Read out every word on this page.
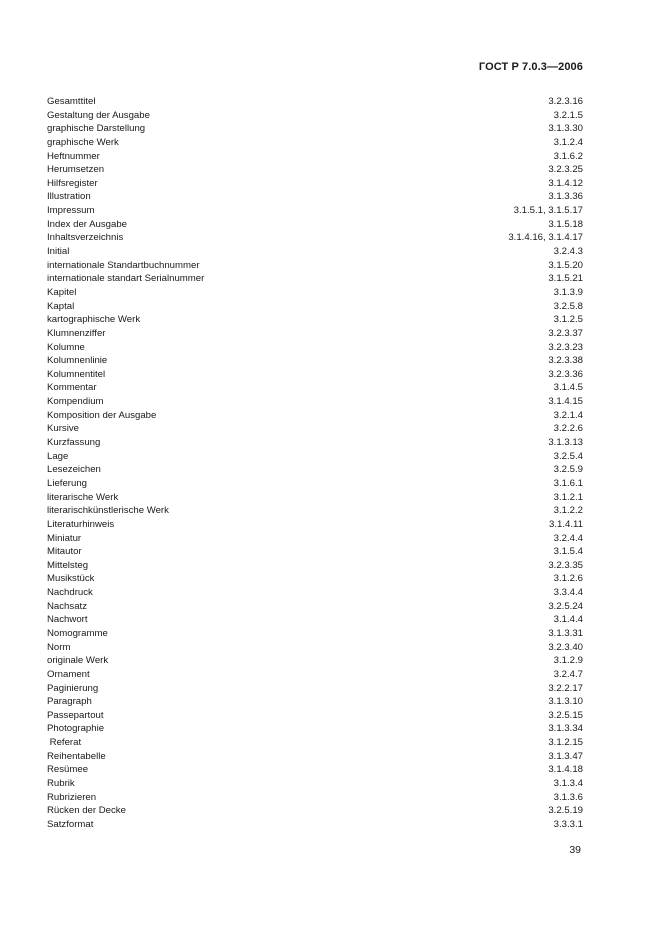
ГОСТ Р 7.0.3—2006
Gesamttitel	3.2.3.16
Gestaltung der Ausgabe	3.2.1.5
graphische Darstellung	3.1.3.30
graphische Werk	3.1.2.4
Heftnummer	3.1.6.2
Herumsetzen	3.2.3.25
Hilfsregister	3.1.4.12
Illustration	3.1.3.36
Impressum	3.1.5.1, 3.1.5.17
Index der Ausgabe	3.1.5.18
Inhaltsverzeichnis	3.1.4.16, 3.1.4.17
Initial	3.2.4.3
internationale Standartbuchnummer	3.1.5.20
internationale standart Serialnummer	3.1.5.21
Kapitel	3.1.3.9
Kaptal	3.2.5.8
kartographische Werk	3.1.2.5
Klumnenziffer	3.2.3.37
Kolumne	3.2.3.23
Kolumnenlinie	3.2.3.38
Kolumnentitel	3.2.3.36
Kommentar	3.1.4.5
Kompendium	3.1.4.15
Komposition der Ausgabe	3.2.1.4
Kursive	3.2.2.6
Kurzfassung	3.1.3.13
Lage	3.2.5.4
Lesezeichen	3.2.5.9
Lieferung	3.1.6.1
literarische Werk	3.1.2.1
literarischkünstlerische Werk	3.1.2.2
Literaturhinweis	3.1.4.11
Miniatur	3.2.4.4
Mitautor	3.1.5.4
Mittelsteg	3.2.3.35
Musikstück	3.1.2.6
Nachdruck	3.3.4.4
Nachsatz	3.2.5.24
Nachwort	3.1.4.4
Nomogramme	3.1.3.31
Norm	3.2.3.40
originale Werk	3.1.2.9
Ornament	3.2.4.7
Paginierung	3.2.2.17
Paragraph	3.1.3.10
Passepartout	3.2.5.15
Photographie	3.1.3.34
Referat	3.1.2.15
Reihentabelle	3.1.3.47
Resümee	3.1.4.18
Rubrik	3.1.3.4
Rubrizieren	3.1.3.6
Rücken der Decke	3.2.5.19
Satzformat	3.3.3.1
39
